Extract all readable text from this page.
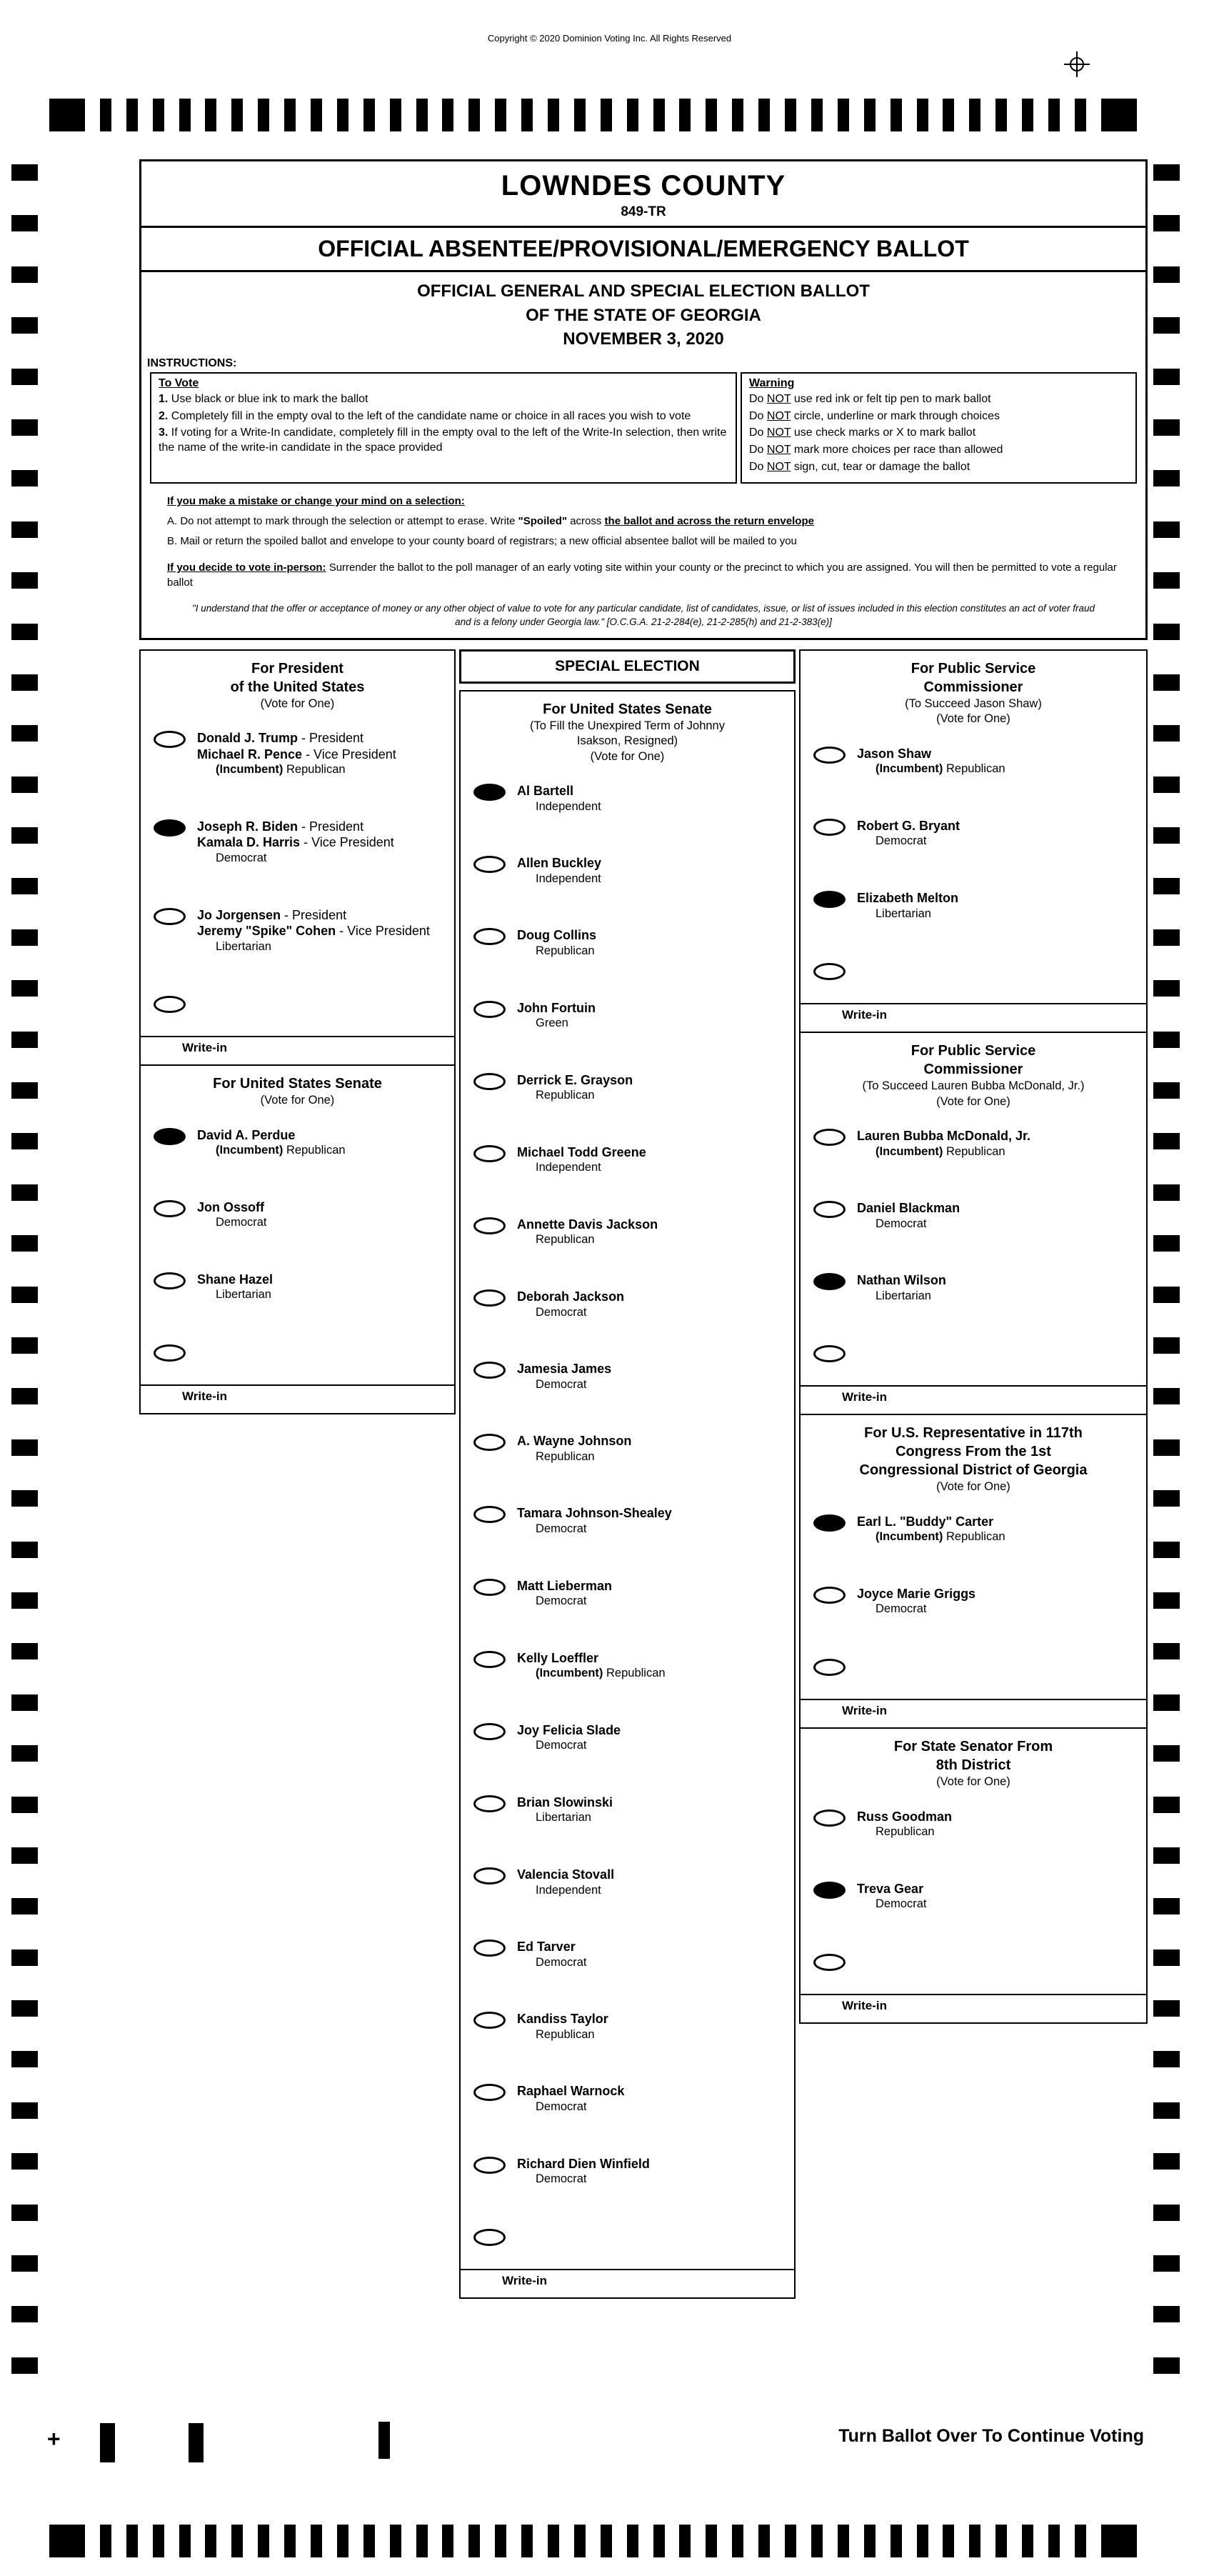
Copyright © 2020 Dominion Voting Inc. All Rights Reserved
LOWNDES COUNTY
849-TR
OFFICIAL ABSENTEE/PROVISIONAL/EMERGENCY BALLOT
OFFICIAL GENERAL AND SPECIAL ELECTION BALLOT
OF THE STATE OF GEORGIA
NOVEMBER 3, 2020
INSTRUCTIONS:
To Vote
1. Use black or blue ink to mark the ballot
2. Completely fill in the empty oval to the left of the candidate name or choice in all races you wish to vote
3. If voting for a Write-In candidate, completely fill in the empty oval to the left of the Write-In selection, then write the name of the write-in candidate in the space provided
Warning
Do NOT use red ink or felt tip pen to mark ballot
Do NOT circle, underline or mark through choices
Do NOT use check marks or X to mark ballot
Do NOT mark more choices per race than allowed
Do NOT sign, cut, tear or damage the ballot
If you make a mistake or change your mind on a selection:
A. Do not attempt to mark through the selection or attempt to erase. Write "Spoiled" across the ballot and across the return envelope
B. Mail or return the spoiled ballot and envelope to your county board of registrars; a new official absentee ballot will be mailed to you
If you decide to vote in-person: Surrender the ballot to the poll manager of an early voting site within your county or the precinct to which you are assigned. You will then be permitted to vote a regular ballot
"I understand that the offer or acceptance of money or any other object of value to vote for any particular candidate, list of candidates, issue, or list of issues included in this election constitutes an act of voter fraud and is a felony under Georgia law." [O.C.G.A. 21-2-284(e), 21-2-285(h) and 21-2-383(e)]
For President
of the United States
(Vote for One)
Donald J. Trump - President
Michael R. Pence - Vice President
(Incumbent) Republican
Joseph R. Biden - President
Kamala D. Harris - Vice President
Democrat
Jo Jorgensen - President
Jeremy "Spike" Cohen - Vice President
Libertarian
Write-in
For United States Senate
(Vote for One)
David A. Perdue
(Incumbent) Republican
Jon Ossoff
Democrat
Shane Hazel
Libertarian
Write-in
SPECIAL ELECTION
For United States Senate
(To Fill the Unexpired Term of Johnny
Isakson, Resigned)
(Vote for One)
Al Bartell
Independent
Allen Buckley
Independent
Doug Collins
Republican
John Fortuin
Green
Derrick E. Grayson
Republican
Michael Todd Greene
Independent
Annette Davis Jackson
Republican
Deborah Jackson
Democrat
Jamesia James
Democrat
A. Wayne Johnson
Republican
Tamara Johnson-Shealey
Democrat
Matt Lieberman
Democrat
Kelly Loeffler
(Incumbent) Republican
Joy Felicia Slade
Democrat
Brian Slowinski
Libertarian
Valencia Stovall
Independent
Ed Tarver
Democrat
Kandiss Taylor
Republican
Raphael Warnock
Democrat
Richard Dien Winfield
Democrat
Write-in
For Public Service
Commissioner
(To Succeed Jason Shaw)
(Vote for One)
Jason Shaw
(Incumbent) Republican
Robert G. Bryant
Democrat
Elizabeth Melton
Libertarian
Write-in
For Public Service
Commissioner
(To Succeed Lauren Bubba McDonald, Jr.)
(Vote for One)
Lauren Bubba McDonald, Jr.
(Incumbent) Republican
Daniel Blackman
Democrat
Nathan Wilson
Libertarian
Write-in
For U.S. Representative in 117th
Congress From the 1st
Congressional District of Georgia
(Vote for One)
Earl L. "Buddy" Carter
(Incumbent) Republican
Joyce Marie Griggs
Democrat
Write-in
For State Senator From
8th District
(Vote for One)
Russ Goodman
Republican
Treva Gear
Democrat
Write-in
+	Turn Ballot Over To Continue Voting
